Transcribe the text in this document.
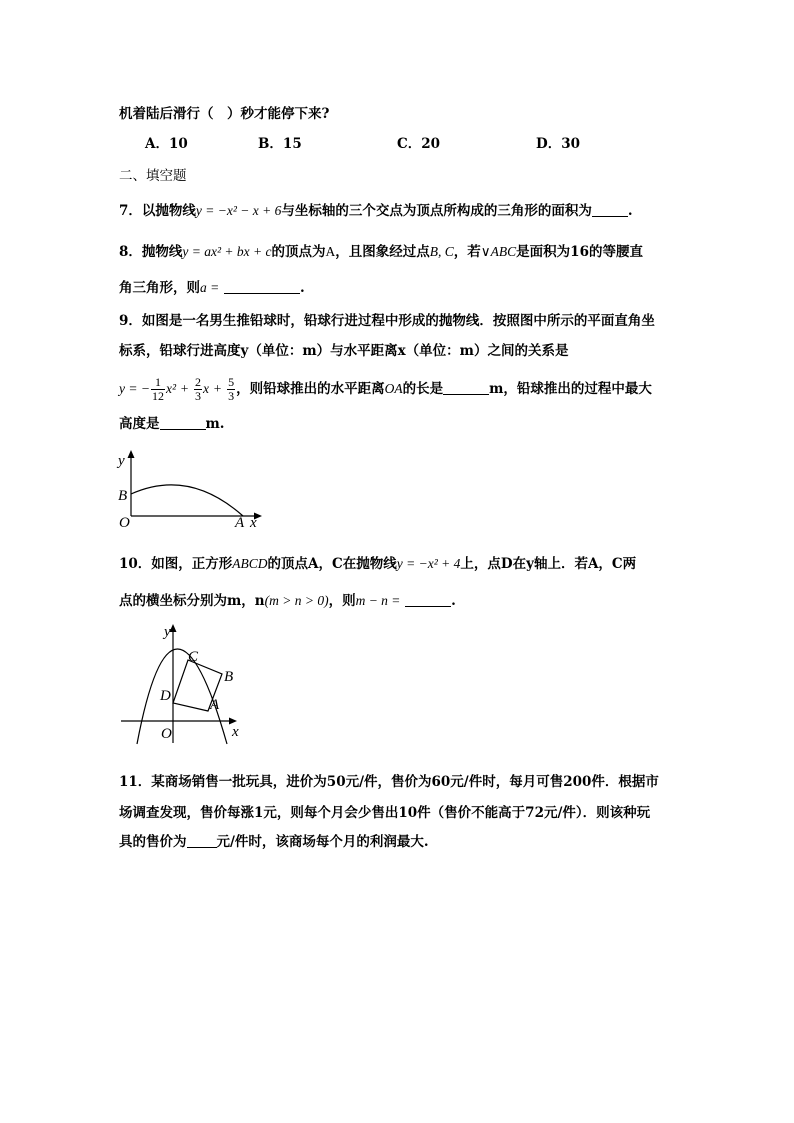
机着陆后滑行（　）秒才能停下来?
A．10	B．15	C．20	D．30
二、填空题
7．以抛物线y = −x² − x + 6与坐标轴的三个交点为顶点所构成的三角形的面积为	.
8．抛物线y = ax² + bx + c的顶点为A，且图象经过点B, C，若∨ABC是面积为16的等腰直
角三角形，则a =	.
9．如图是一名男生推铅球时，铅球行进过程中形成的抛物线．按照图中所示的平面直角坐
标系，铅球行进高度y（单位：m）与水平距离x（单位：m）之间的关系是
y = − $\frac{1}{12} x^2 + \frac{2}{3}$ $x + \frac{5}{3}$ ，则铅球推出的水平距离OA的长是	m，铅球推出的过程中最大
高度是	m.
y
B
O	A x
10．如图，正方形ABCD的顶点A，C在抛物线y = −x² + 4上，点D在y轴上．若A，C两
点的横坐标分别为m，n(m > n > 0)，则m − n =	.
y
C
B
D
A
O	x
11．某商场销售一批玩具，进价为50元/件，售价为60元/件时，每月可售200件．根据市
场调查发现，售价每涨1元，则每个月会少售出10件（售价不能高于72元/件）．则该种玩
具的售价为 元/件时，该商场每个月的利润最大.
